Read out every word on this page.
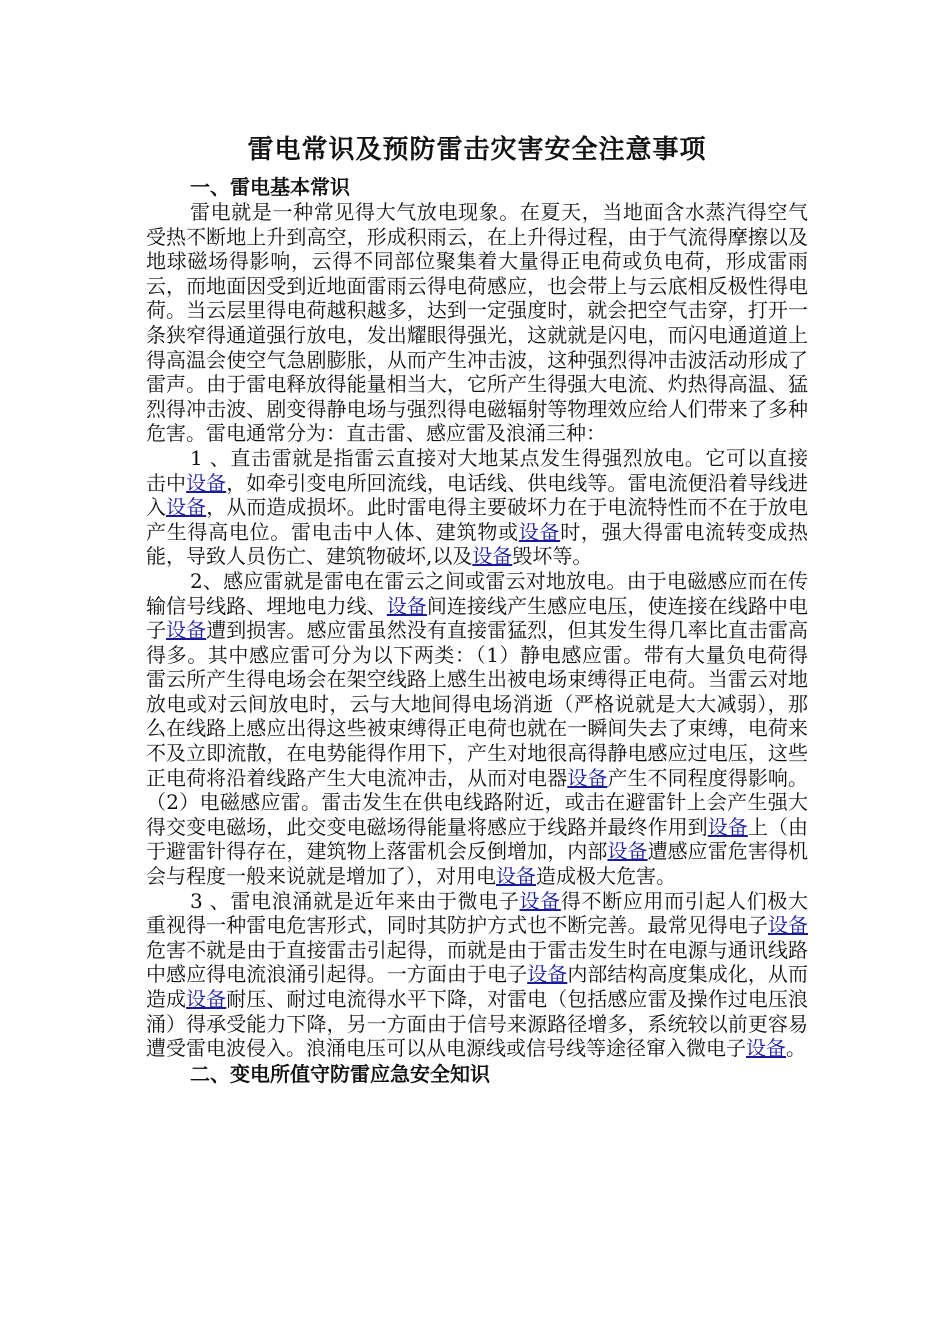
雷电常识及预防雷击灾害安全注意事项

一、雷电基本常识

雷电就是一种常见得大气放电现象。在夏天，当地面含水蒸汽得空气受热不断地上升到高空，形成积雨云，在上升得过程，由于气流得摩擦以及地球磁场得影响，云得不同部位聚集着大量得正电荷或负电荷，形成雷雨云，而地面因受到近地面雷雨云得电荷感应，也会带上与云底相反极性得电荷。当云层里得电荷越积越多，达到一定强度时，就会把空气击穿，打开一条狭窄得通道强行放电，发出耀眼得强光，这就就是闪电，而闪电通道道上得高温会使空气急剧膨胀，从而产生冲击波，这种强烈得冲击波活动形成了雷声。由于雷电释放得能量相当大，它所产生得强大电流、灼热得高温、猛烈得冲击波、剧变得静电场与强烈得电磁辐射等物理效应给人们带来了多种危害。雷电通常分为：直击雷、感应雷及浪涌三种：

1 、直击雷就是指雷云直接对大地某点发生得强烈放电。它可以直接击中设备，如牵引变电所回流线，电话线、供电线等。雷电流便沿着导线进入设备，从而造成损坏。此时雷电得主要破坏力在于电流特性而不在于放电产生得高电位。雷电击中人体、建筑物或设备时，强大得雷电流转变成热能，导致人员伤亡、建筑物破坏,以及设备毁坏等。

2、感应雷就是雷电在雷云之间或雷云对地放电。由于电磁感应而在传输信号线路、埋地电力线、设备间连接线产生感应电压，使连接在线路中电子设备遭到损害。感应雷虽然没有直接雷猛烈，但其发生得几率比直击雷高得多。其中感应雷可分为以下两类：（1）静电感应雷。带有大量负电荷得雷云所产生得电场会在架空线路上感生出被电场束缚得正电荷。当雷云对地放电或对云间放电时，云与大地间得电场消逝（严格说就是大大减弱），那么在线路上感应出得这些被束缚得正电荷也就在一瞬间失去了束缚，电荷来不及立即流散，在电势能得作用下，产生对地很高得静电感应过电压，这些正电荷将沿着线路产生大电流冲击，从而对电器设备产生不同程度得影响。（2）电磁感应雷。雷击发生在供电线路附近，或击在避雷针上会产生强大得交变电磁场，此交变电磁场得能量将感应于线路并最终作用到设备上（由于避雷针得存在，建筑物上落雷机会反倒增加，内部设备遭感应雷危害得机会与程度一般来说就是增加了），对用电设备造成极大危害。

3 、雷电浪涌就是近年来由于微电子设备得不断应用而引起人们极大重视得一种雷电危害形式，同时其防护方式也不断完善。最常见得电子设备危害不就是由于直接雷击引起得，而就是由于雷击发生时在电源与通讯线路中感应得电流浪涌引起得。一方面由于电子设备内部结构高度集成化，从而造成设备耐压、耐过电流得水平下降，对雷电（包括感应雷及操作过电压浪涌）得承受能力下降，另一方面由于信号来源路径增多，系统较以前更容易遭受雷电波侵入。浪涌电压可以从电源线或信号线等途径窜入微电子设备。

二、变电所值守防雷应急安全知识
